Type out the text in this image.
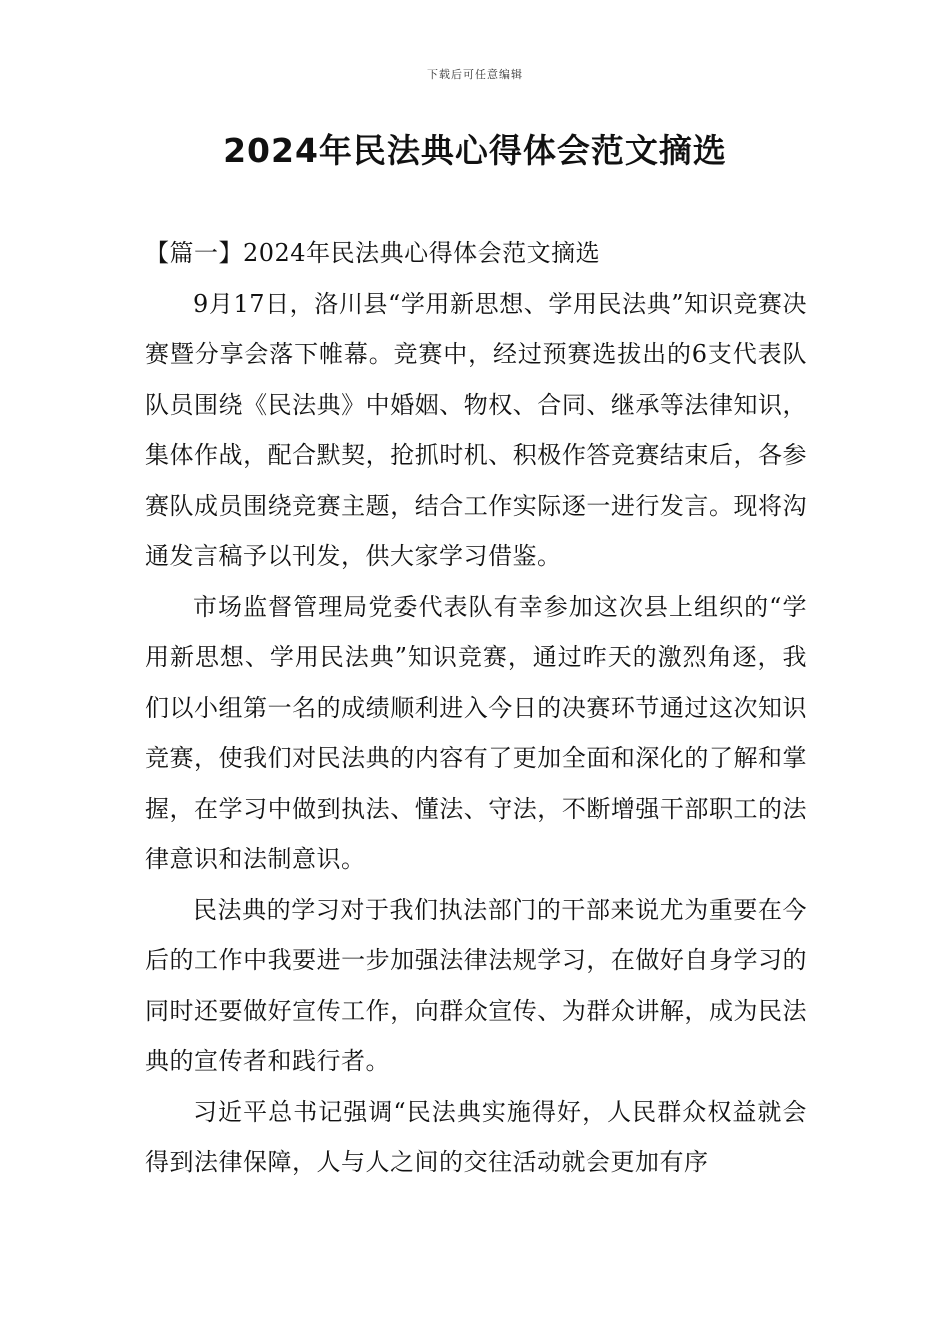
下载后可任意编辑
2024年民法典心得体会范文摘选
【篇一】2024年民法典心得体会范文摘选

9月17日，洛川县“学用新思想、学用民法典”知识竞赛决赛暨分享会落下帷幕。竞赛中，经过预赛选拔出的6支代表队队员围绕《民法典》中婚姻、物权、合同、继承等法律知识，集体作战，配合默契，抢抓时机、积极作答竞赛结束后，各参赛队成员围绕竞赛主题，结合工作实际逐一进行发言。现将沟通发言稿予以刊发，供大家学习借鉴。

市场监督管理局党委代表队有幸参加这次县上组织的“学用新思想、学用民法典”知识竞赛，通过昨天的激烈角逐，我们以小组第一名的成绩顺利进入今日的决赛环节通过这次知识竞赛，使我们对民法典的内容有了更加全面和深化的了解和掌握，在学习中做到执法、懂法、守法，不断增强干部职工的法律意识和法制意识。

民法典的学习对于我们执法部门的干部来说尤为重要在今后的工作中我要进一步加强法律法规学习，在做好自身学习的同时还要做好宣传工作，向群众宣传、为群众讲解，成为民法典的宣传者和践行者。

习近平总书记强调“民法典实施得好，人民群众权益就会得到法律保障，人与人之间的交往活动就会更加有序
